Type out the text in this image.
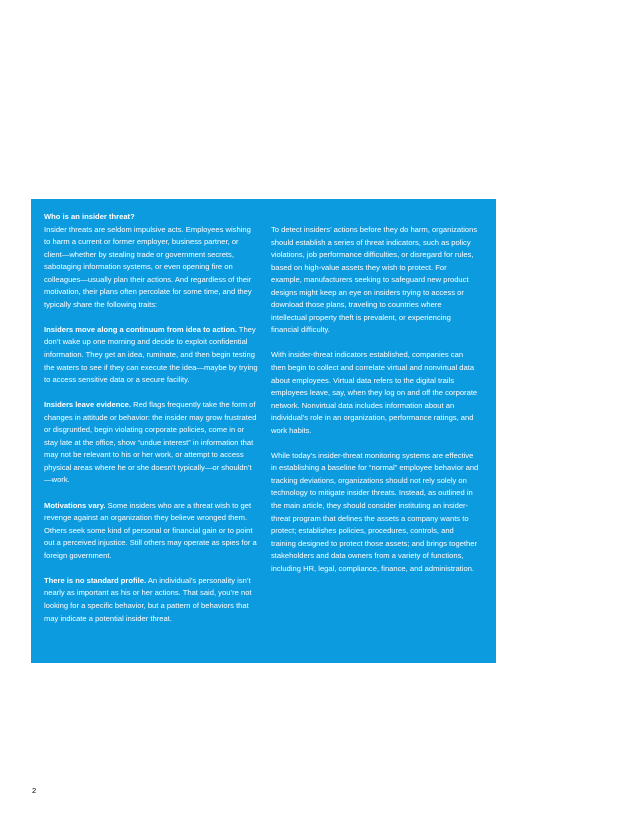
Who is an insider threat?

Insider threats are seldom impulsive acts. Employees wishing to harm a current or former employer, business partner, or client—whether by stealing trade or government secrets, sabotaging information systems, or even opening fire on colleagues—usually plan their actions. And regardless of their motivation, their plans often percolate for some time, and they typically share the following traits:

Insiders move along a continuum from idea to action. They don’t wake up one morning and decide to exploit confidential information. They get an idea, ruminate, and then begin testing the waters to see if they can execute the idea—maybe by trying to access sensitive data or a secure facility.

Insiders leave evidence. Red flags frequently take the form of changes in attitude or behavior: the insider may grow frustrated or disgruntled, begin violating corporate policies, come in or stay late at the office, show “undue interest” in information that may not be relevant to his or her work, or attempt to access physical areas where he or she doesn’t typically—or shouldn’t—work.

Motivations vary. Some insiders who are a threat wish to get revenge against an organization they believe wronged them. Others seek some kind of personal or financial gain or to point out a perceived injustice. Still others may operate as spies for a foreign government.

There is no standard profile. An individual’s personality isn’t nearly as important as his or her actions. That said, you’re not looking for a specific behavior, but a pattern of behaviors that may indicate a potential insider threat.

To detect insiders’ actions before they do harm, organizations should establish a series of threat indicators, such as policy violations, job performance difficulties, or disregard for rules, based on high-value assets they wish to protect. For example, manufacturers seeking to safeguard new product designs might keep an eye on insiders trying to access or download those plans, traveling to countries where intellectual property theft is prevalent, or experiencing financial difficulty.

With insider-threat indicators established, companies can then begin to collect and correlate virtual and nonvirtual data about employees. Virtual data refers to the digital trails employees leave, say, when they log on and off the corporate network. Nonvirtual data includes information about an individual’s role in an organization, performance ratings, and work habits.

While today’s insider-threat monitoring systems are effective in establishing a baseline for “normal” employee behavior and tracking deviations, organizations should not rely solely on technology to mitigate insider threats. Instead, as outlined in the main article, they should consider instituting an insider-threat program that defines the assets a company wants to protect; establishes policies, procedures, controls, and training designed to protect those assets; and brings together stakeholders and data owners from a variety of functions, including HR, legal, compliance, finance, and administration.

2
